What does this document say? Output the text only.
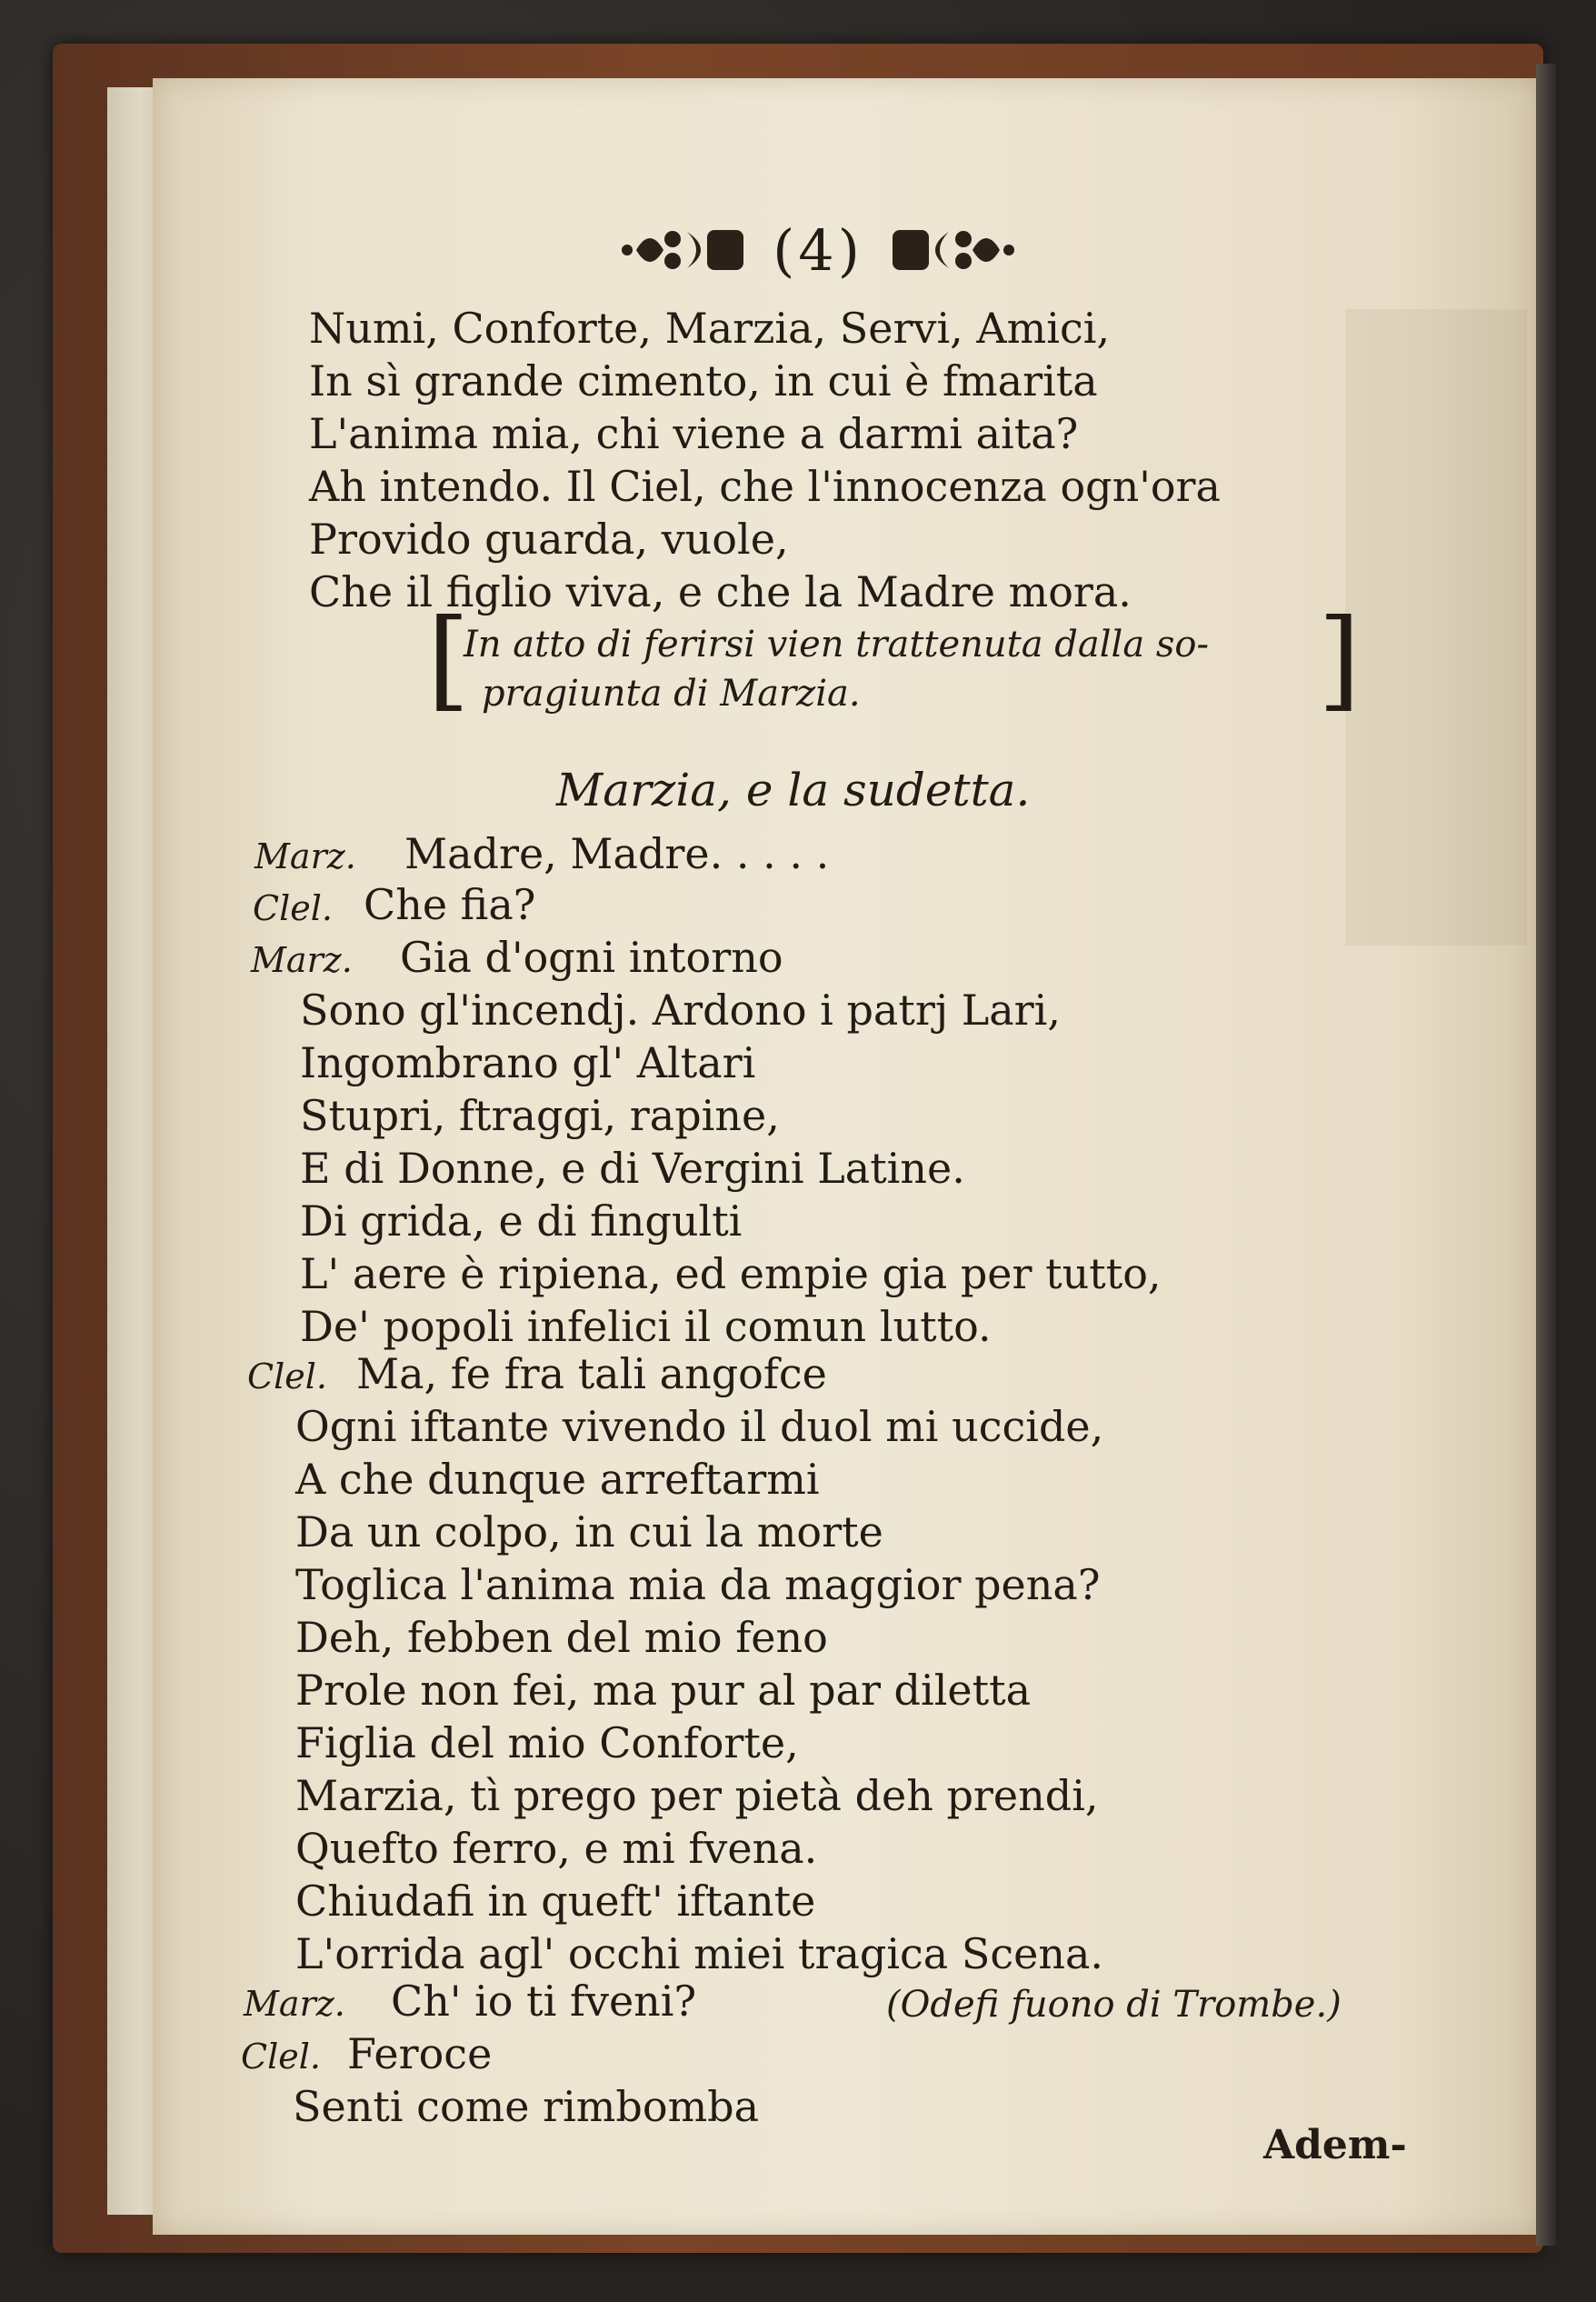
(4)
Numi, Conforte, Marzia, Servi, Amici,
In sì grande cimento, in cui è fmarita
L'anima mia, chi viene a darmi aita?
Ah intendo. Il Ciel, che l'innocenza ogn'ora
Provido guarda, vuole,
Che il figlio viva, e che la Madre mora.
[
In atto di ferirsi vien trattenuta dalla so-
pragiunta di Marzia.	]
Marzia, e la sudetta.
Marz. Madre, Madre. . . . .
Clel. Che fia?
Marz. Gia d'ogni intorno
Sono gl'incendj. Ardono i patrj Lari,
Ingombrano gl' Altari
Stupri, ftraggi, rapine,
E di Donne, e di Vergini Latine.
Di grida, e di fingulti
L' aere è ripiena, ed empie gia per tutto,
De' popoli infelici il comun lutto.
Clel. Ma, fe fra tali angofce
Ogni iftante vivendo il duol mi uccide,
A che dunque arreftarmi
Da un colpo, in cui la morte
Toglica l'anima mia da maggior pena?
Deh, febben del mio feno
Prole non fei, ma pur al par diletta
Figlia del mio Conforte,
Marzia, tì prego per pietà deh prendi,
Quefto ferro, e mi fvena.
Chiudafi in queft' iftante
L'orrida agl' occhi miei tragica Scena.
Marz. Ch' io ti fveni?	(Odefi fuono di Trombe.)
Clel. Feroce
Senti come rimbomba
Adem-
